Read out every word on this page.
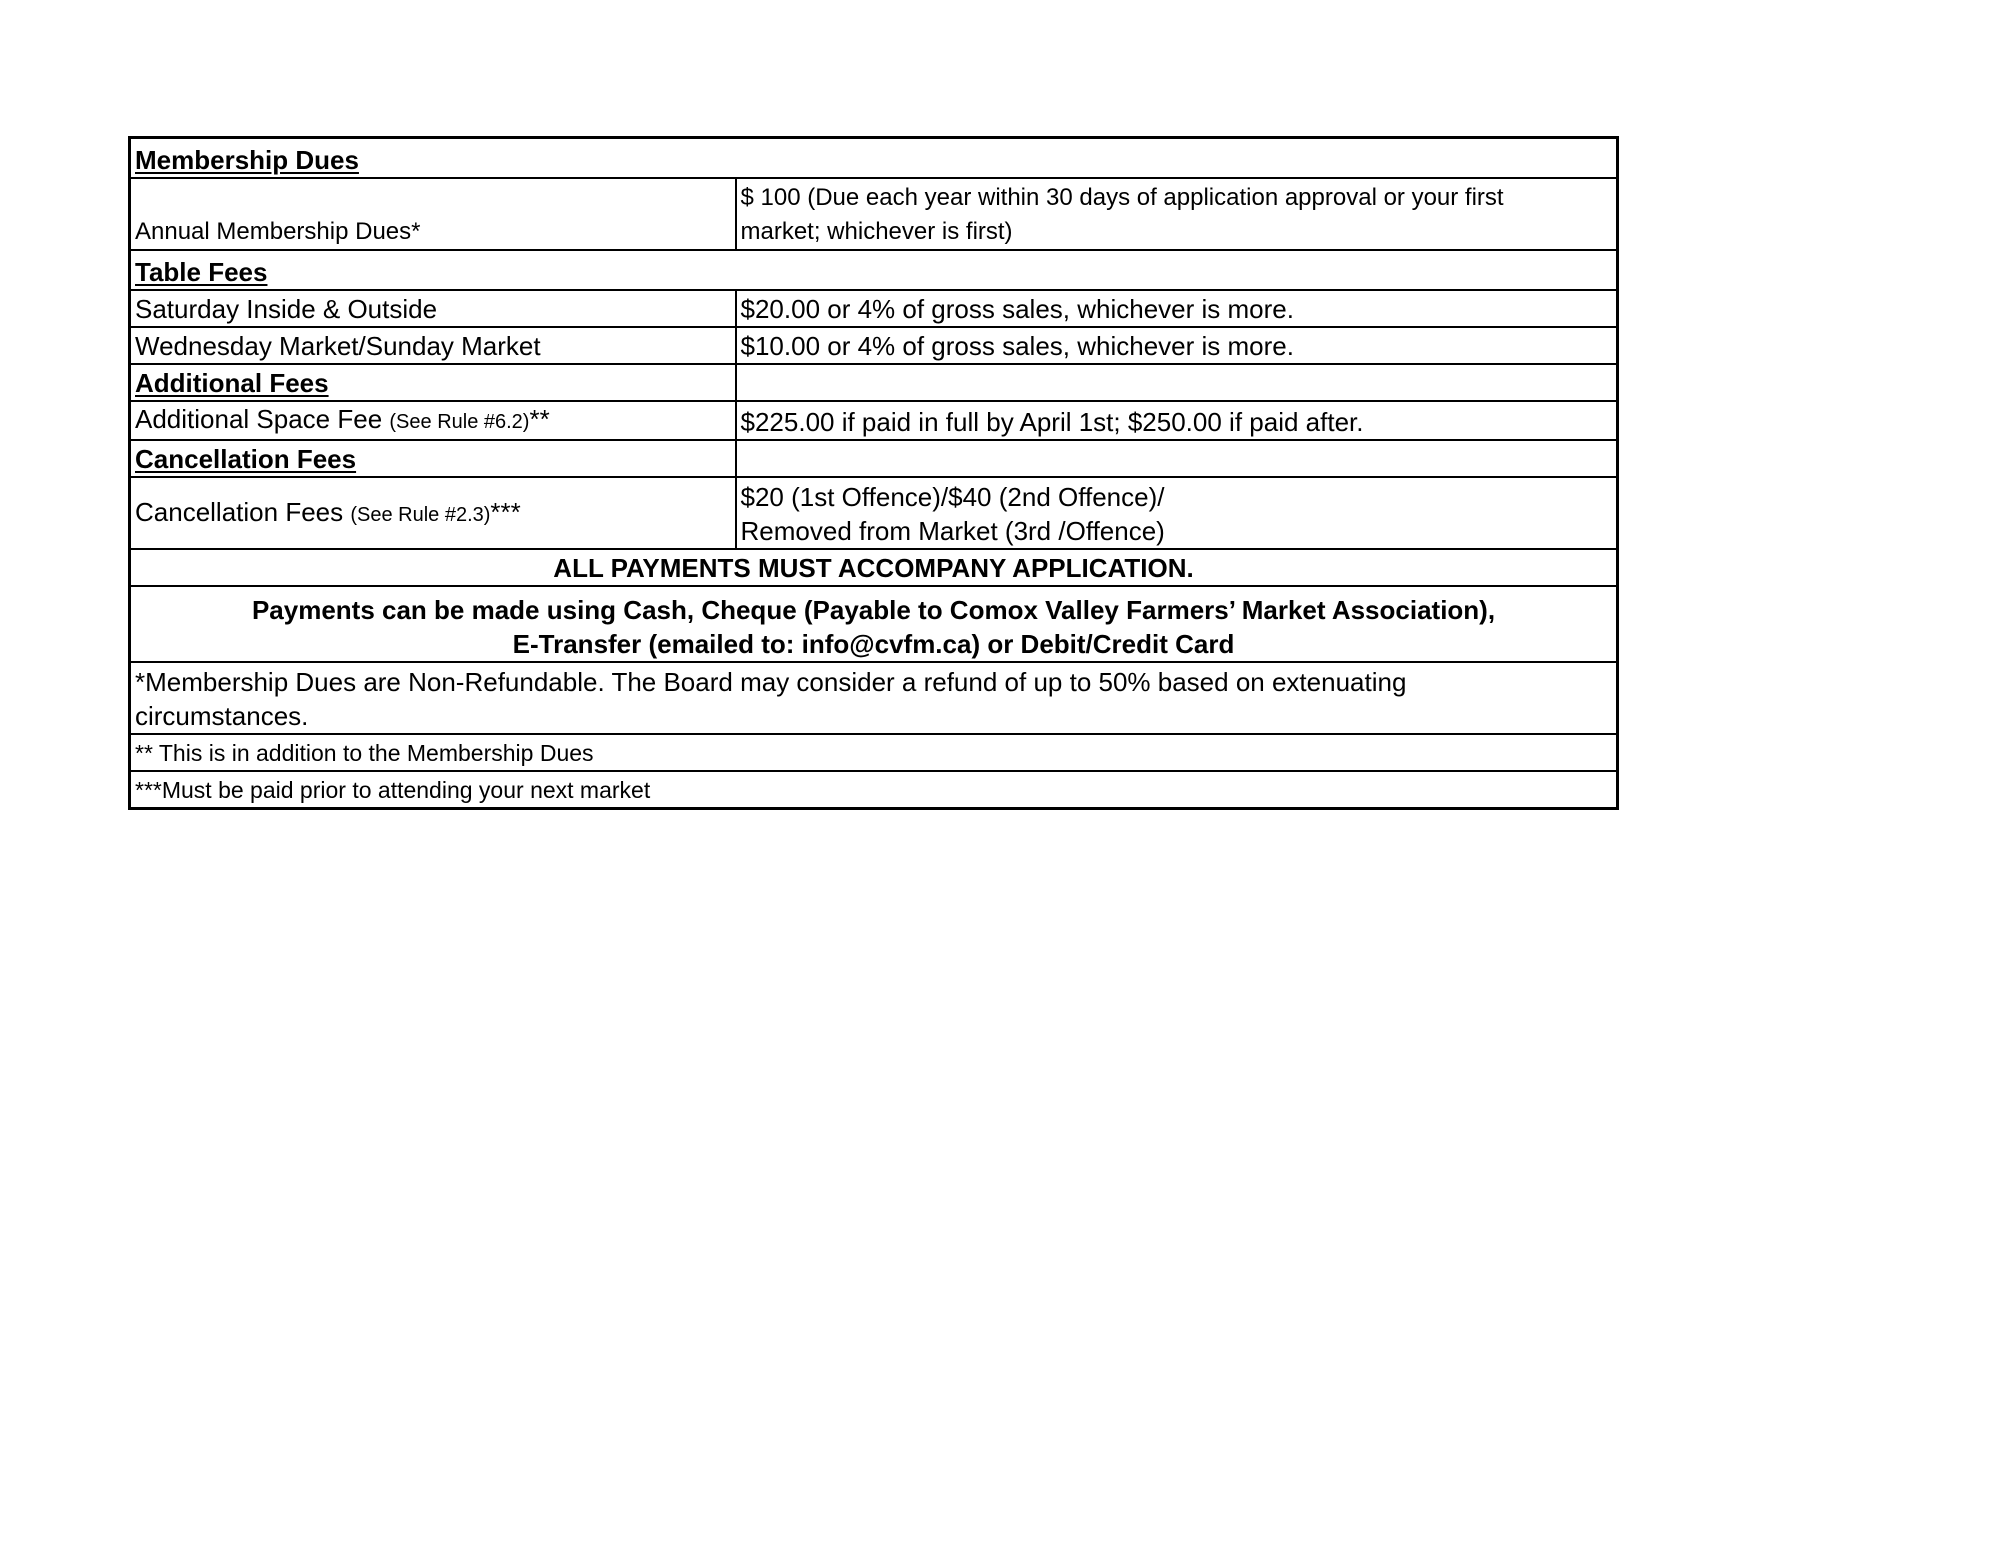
Membership Dues	
Annual Membership Dues*	$ 100 (Due each year within 30 days of application approval or your first
market; whichever is first)

Table Fees	
Saturday Inside & Outside	$20.00 or 4% of gross sales, whichever is more.
Wednesday Market/Sunday Market	$10.00 or 4% of gross sales, whichever is more.
Additional Fees	
Additional Space Fee (See Rule #6.2)**	$225.00 if paid in full by April 1st; $250.00 if paid after.
Cancellation Fees	
Cancellation Fees (See Rule #2.3)***	$20 (1st Offence)/$40 (2nd Offence)/
Removed from Market (3rd /Offence)

ALL PAYMENTS MUST ACCOMPANY APPLICATION.	

Payments can be made using Cash, Cheque (Payable to Comox Valley Farmers’ Market Association),
E-Transfer (emailed to: info@cvfm.ca) or Debit/Credit Card	

*Membership Dues are Non-Refundable. The Board may consider a refund of up to 50% based on extenuating
circumstances.	

** This is in addition to the Membership Dues	
***Must be paid prior to attending your next market	
